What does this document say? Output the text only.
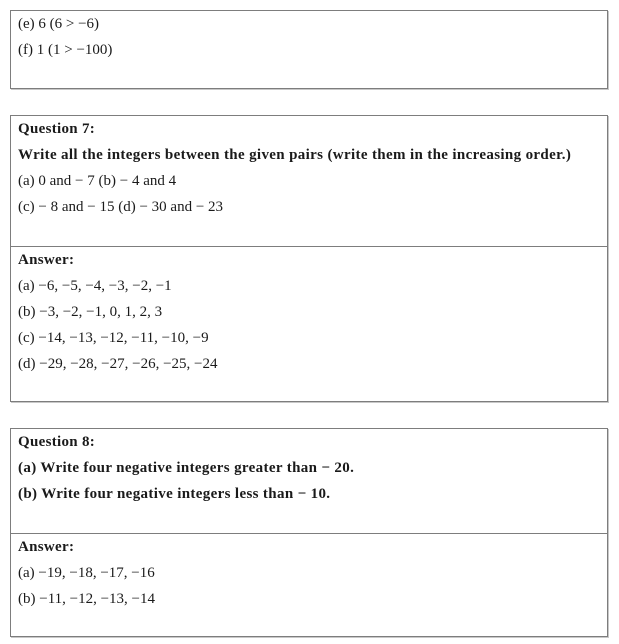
(e) 6 (6 > −6)
(f) 1 (1 > −100)
Question 7:
Write all the integers between the given pairs (write them in the increasing order.)
(a) 0 and − 7 (b) − 4 and 4
(c) − 8 and − 15 (d) − 30 and − 23
Answer:
(a) −6, −5, −4, −3, −2, −1
(b) −3, −2, −1, 0, 1, 2, 3
(c) −14, −13, −12, −11, −10, −9
(d) −29, −28, −27, −26, −25, −24
Question 8:
(a) Write four negative integers greater than − 20.
(b) Write four negative integers less than − 10.
Answer:
(a) −19, −18, −17, −16
(b) −11, −12, −13, −14
